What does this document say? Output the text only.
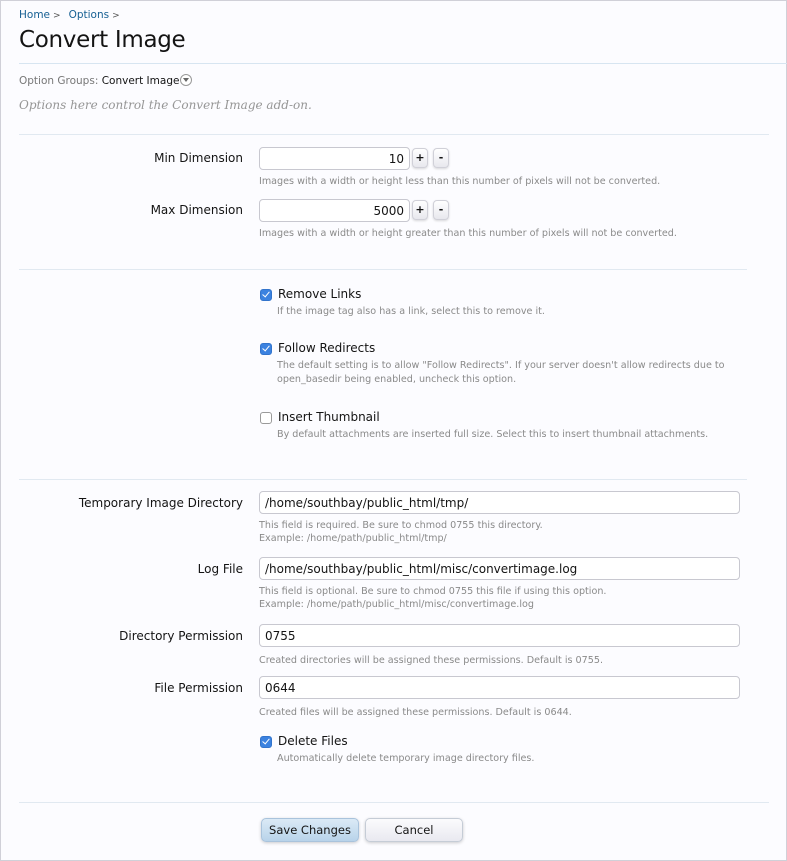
Home > Options >
Convert Image
Option Groups: Convert Image
Options here control the Convert Image add-on.
Min Dimension	10	+	-
Images with a width or height less than this number of pixels will not be converted.
Max Dimension	5000	+	-
Images with a width or height greater than this number of pixels will not be converted.
Remove Links
If the image tag also has a link, select this to remove it.
Follow Redirects
The default setting is to allow "Follow Redirects". If your server doesn't allow redirects due to open_basedir being enabled, uncheck this option.
Insert Thumbnail
By default attachments are inserted full size. Select this to insert thumbnail attachments.
Temporary Image Directory	/home/southbay/public_html/tmp/
This field is required. Be sure to chmod 0755 this directory.
Example: /home/path/public_html/tmp/
Log File	/home/southbay/public_html/misc/convertimage.log
This field is optional. Be sure to chmod 0755 this file if using this option.
Example: /home/path/public_html/misc/convertimage.log
Directory Permission	0755
Created directories will be assigned these permissions. Default is 0755.
File Permission	0644
Created files will be assigned these permissions. Default is 0644.
Delete Files
Automatically delete temporary image directory files.
Save Changes	Cancel
